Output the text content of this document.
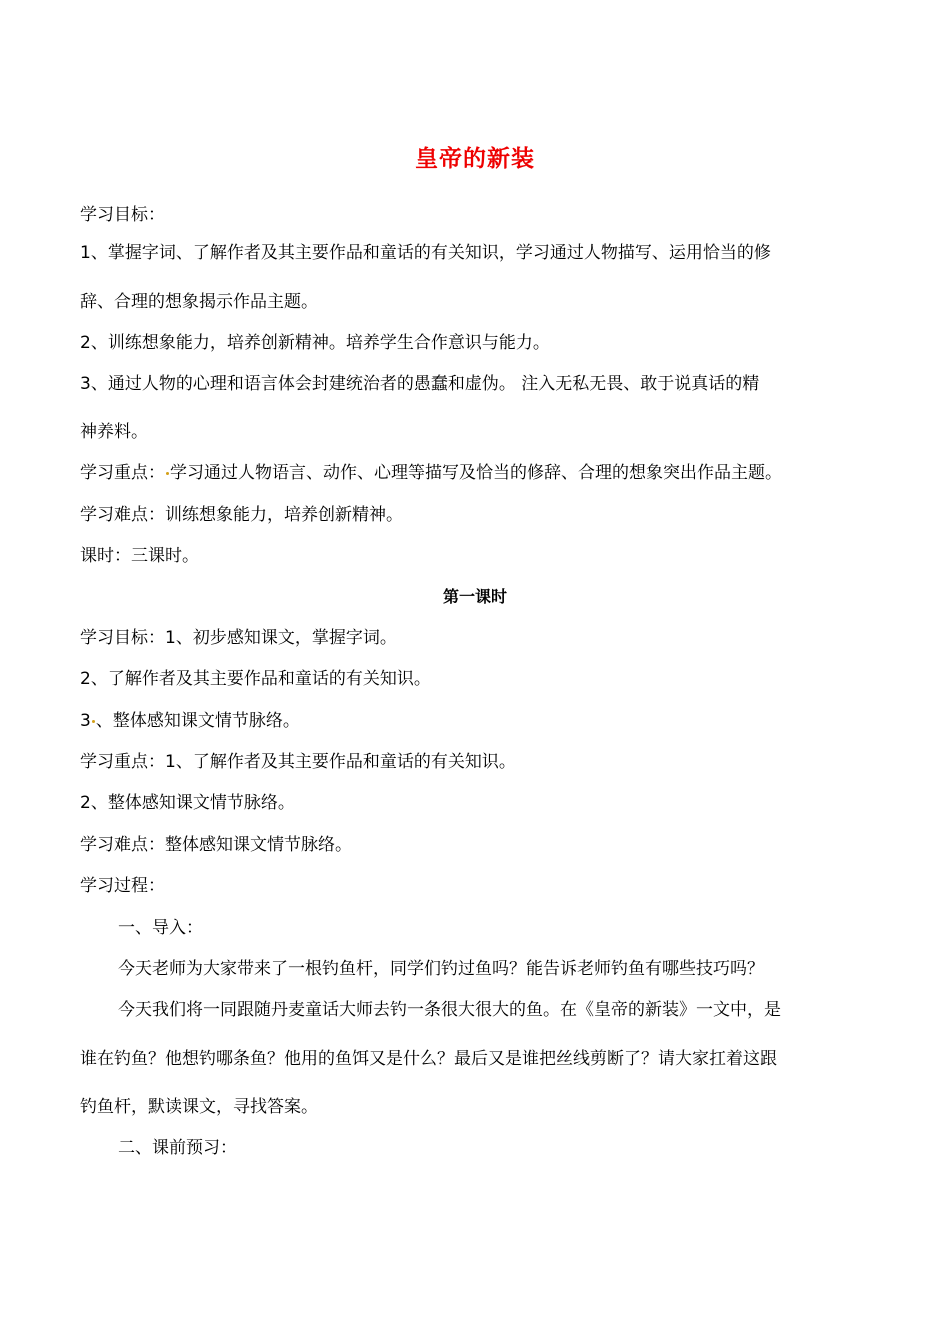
皇帝的新装
学习目标：
1、掌握字词、了解作者及其主要作品和童话的有关知识，学习通过人物描写、运用恰当的修
辞、合理的想象揭示作品主题。
2、训练想象能力，培养创新精神。培养学生合作意识与能力。
3、通过人物的心理和语言体会封建统治者的愚蠢和虚伪。 注入无私无畏、敢于说真话的精
神养料。
学习重点： 学习通过人物语言、动作、心理等描写及恰当的修辞、合理的想象突出作品主题。
学习难点：训练想象能力，培养创新精神。
课时：三课时。
第一课时
学习目标：1、初步感知课文，掌握字词。
2、了解作者及其主要作品和童话的有关知识。
3 、整体感知课文情节脉络。
学习重点：1、了解作者及其主要作品和童话的有关知识。
2、整体感知课文情节脉络。
学习难点：整体感知课文情节脉络。
学习过程：
一、导入：
今天老师为大家带来了一根钓鱼杆，同学们钓过鱼吗？能告诉老师钓鱼有哪些技巧吗？
今天我们将一同跟随丹麦童话大师去钓一条很大很大的鱼。在《皇帝的新装》一文中，是
谁在钓鱼？他想钓哪条鱼？他用的鱼饵又是什么？最后又是谁把丝线剪断了？请大家扛着这跟
钓鱼杆，默读课文，寻找答案。
二、课前预习：
